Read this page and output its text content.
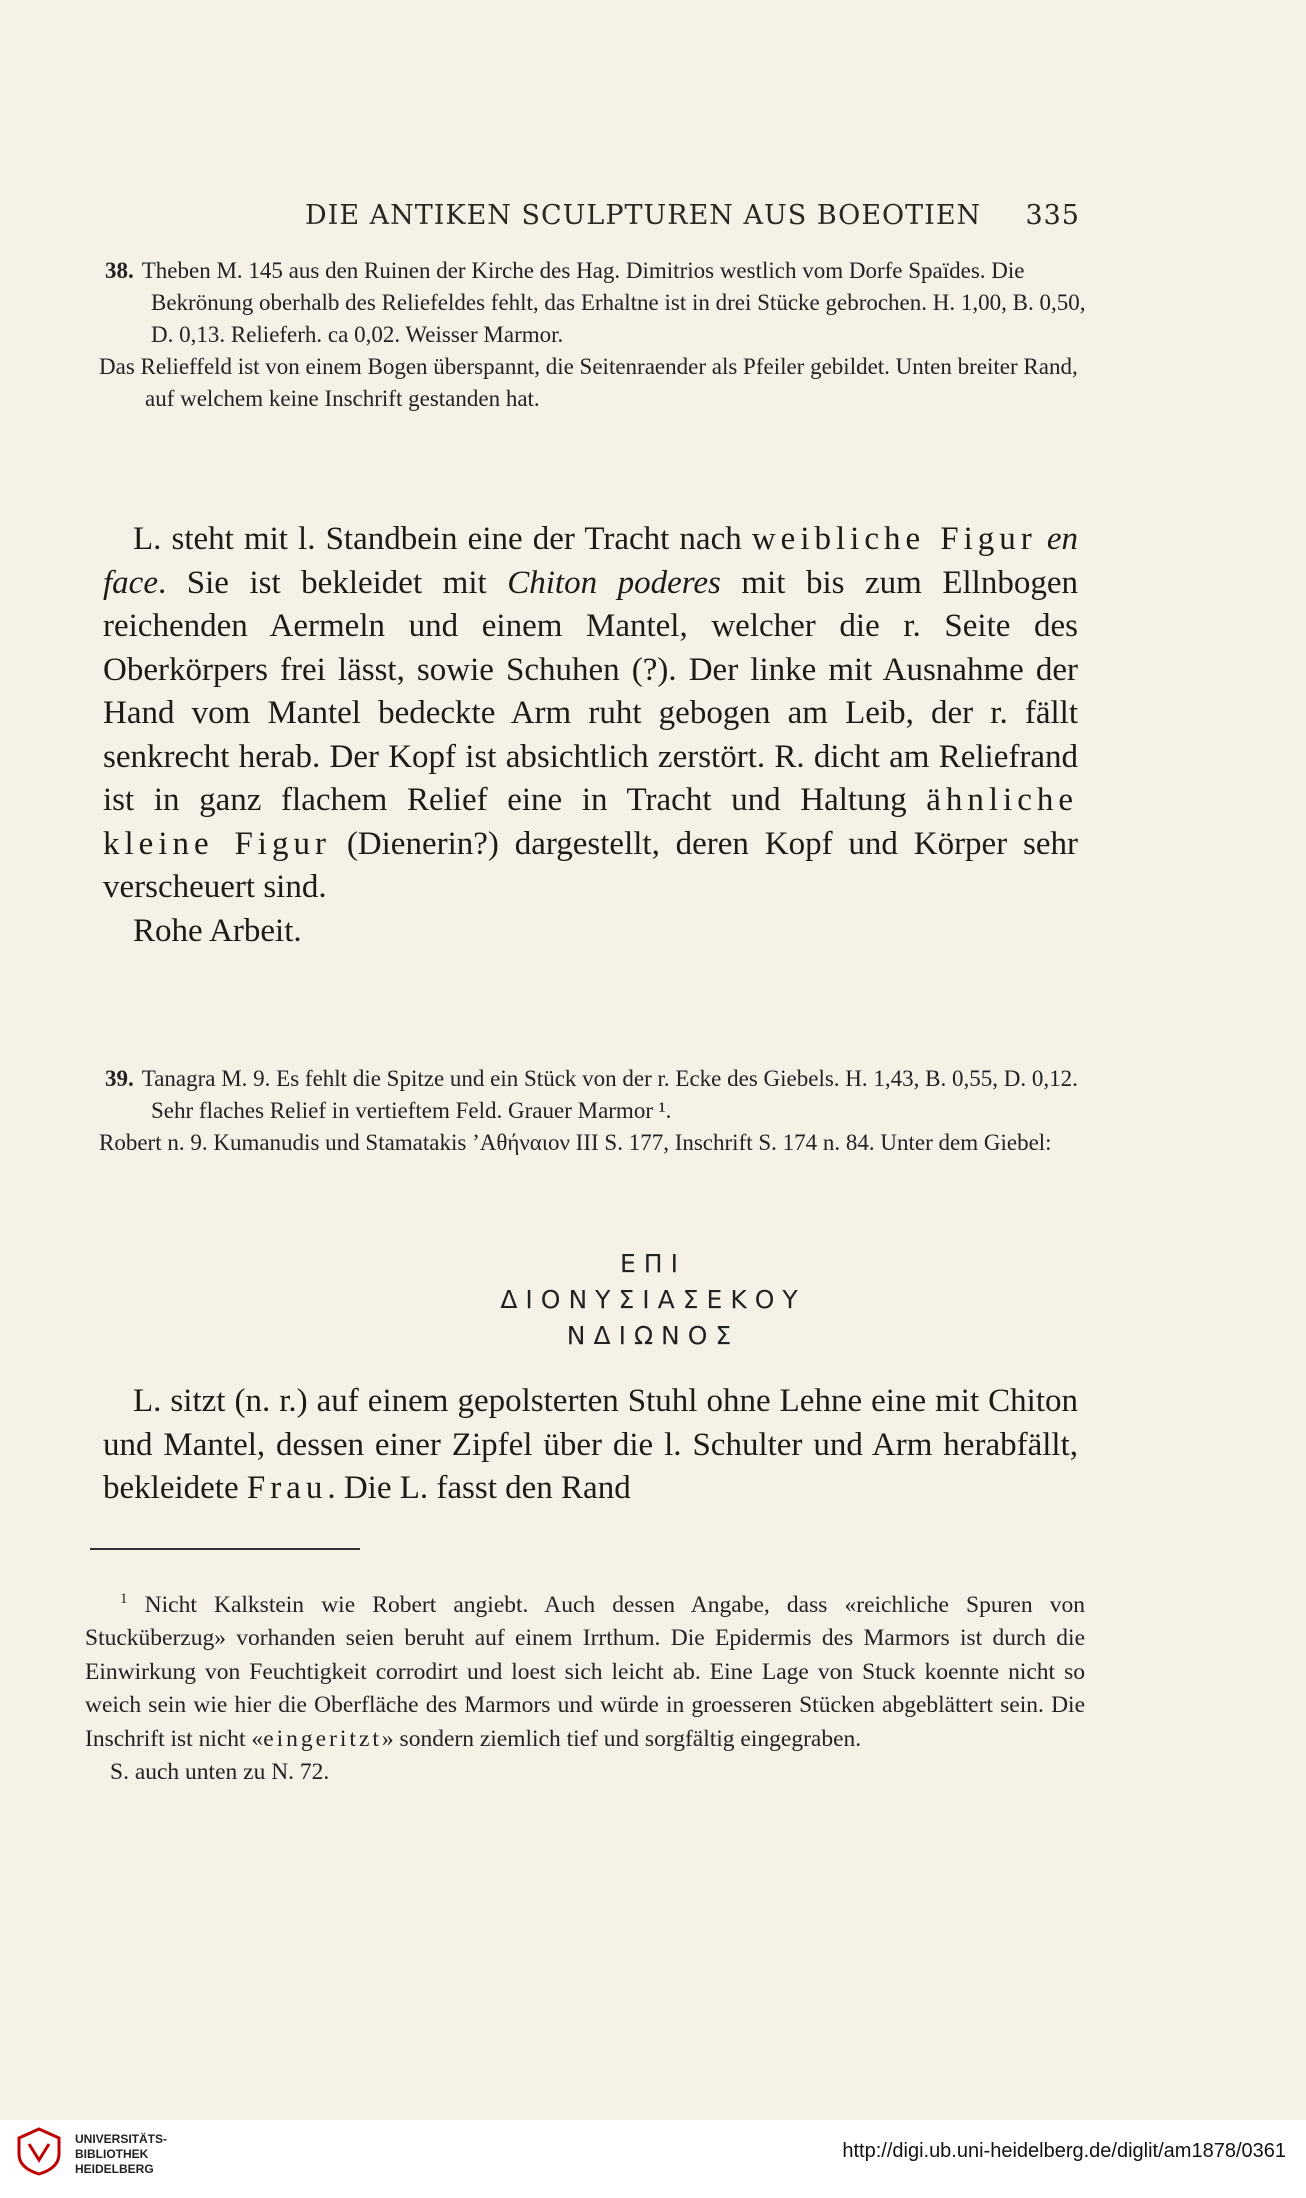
DIE ANTIKEN SCULPTUREN AUS BOEOTIEN 335

38. Theben M. 145 aus den Ruinen der Kirche des Hag. Dimitrios westlich vom Dorfe Spaïdes. Die Bekrönung oberhalb des Reliefeldes fehlt, das Erhaltne ist in drei Stücke gebrochen. H. 1,00, B. 0,50, D. 0,13. Relieferh. ca 0,02. Weisser Marmor.

Das Relieffeld ist von einem Bogen überspannt, die Seitenraender als Pfeiler gebildet. Unten breiter Rand, auf welchem keine Inschrift gestanden hat.

L. steht mit l. Standbein eine der Tracht nach weibliche Figur en face. Sie ist bekleidet mit Chiton poderes mit bis zum Ellnbogen reichenden Aermeln und einem Mantel, welcher die r. Seite des Oberkörpers frei lässt, sowie Schuhen (?). Der linke mit Ausnahme der Hand vom Mantel bedeckte Arm ruht gebogen am Leib, der r. fällt senkrecht herab. Der Kopf ist absichtlich zerstört. R. dicht am Reliefrand ist in ganz flachem Relief eine in Tracht und Haltung ähnliche kleine Figur (Dienerin?) dargestellt, deren Kopf und Körper sehr verscheuert sind.

Rohe Arbeit.

39. Tanagra M. 9. Es fehlt die Spitze und ein Stück von der r. Ecke des Giebels. H. 1,43, B. 0,55, D. 0,12. Sehr flaches Relief in vertieftem Feld. Grauer Marmor ¹.

Robert n. 9. Kumanudis und Stamatakis ’Αθήναιον III S. 177, Inschrift S. 174 n. 84. Unter dem Giebel:

ΕΠΙ
ΔΙΟΝΥΣΙΑΣΕΚΟΥ
ΝΔΙΩΝΟΣ

L. sitzt (n. r.) auf einem gepolsterten Stuhl ohne Lehne eine mit Chiton und Mantel, dessen einer Zipfel über die l. Schulter und Arm herabfällt, bekleidete Frau. Die L. fasst den Rand

$^1$ Nicht Kalkstein wie Robert angiebt. Auch dessen Angabe, dass «reichliche Spuren von Stucküberzug» vorhanden seien beruht auf einem Irrthum. Die Epidermis des Marmors ist durch die Einwirkung von Feuchtigkeit corrodirt und loest sich leicht ab. Eine Lage von Stuck koennte nicht so weich sein wie hier die Oberfläche des Marmors und würde in groesseren Stücken abgeblättert sein. Die Inschrift ist nicht «eingeritzt» sondern ziemlich tief und sorgfältig eingegraben.

S. auch unten zu N. 72.

UNIVERSITÄTS-
BIBLIOTHEK
HEIDELBERG
http://digi.ub.uni-heidelberg.de/diglit/am1878/0361
